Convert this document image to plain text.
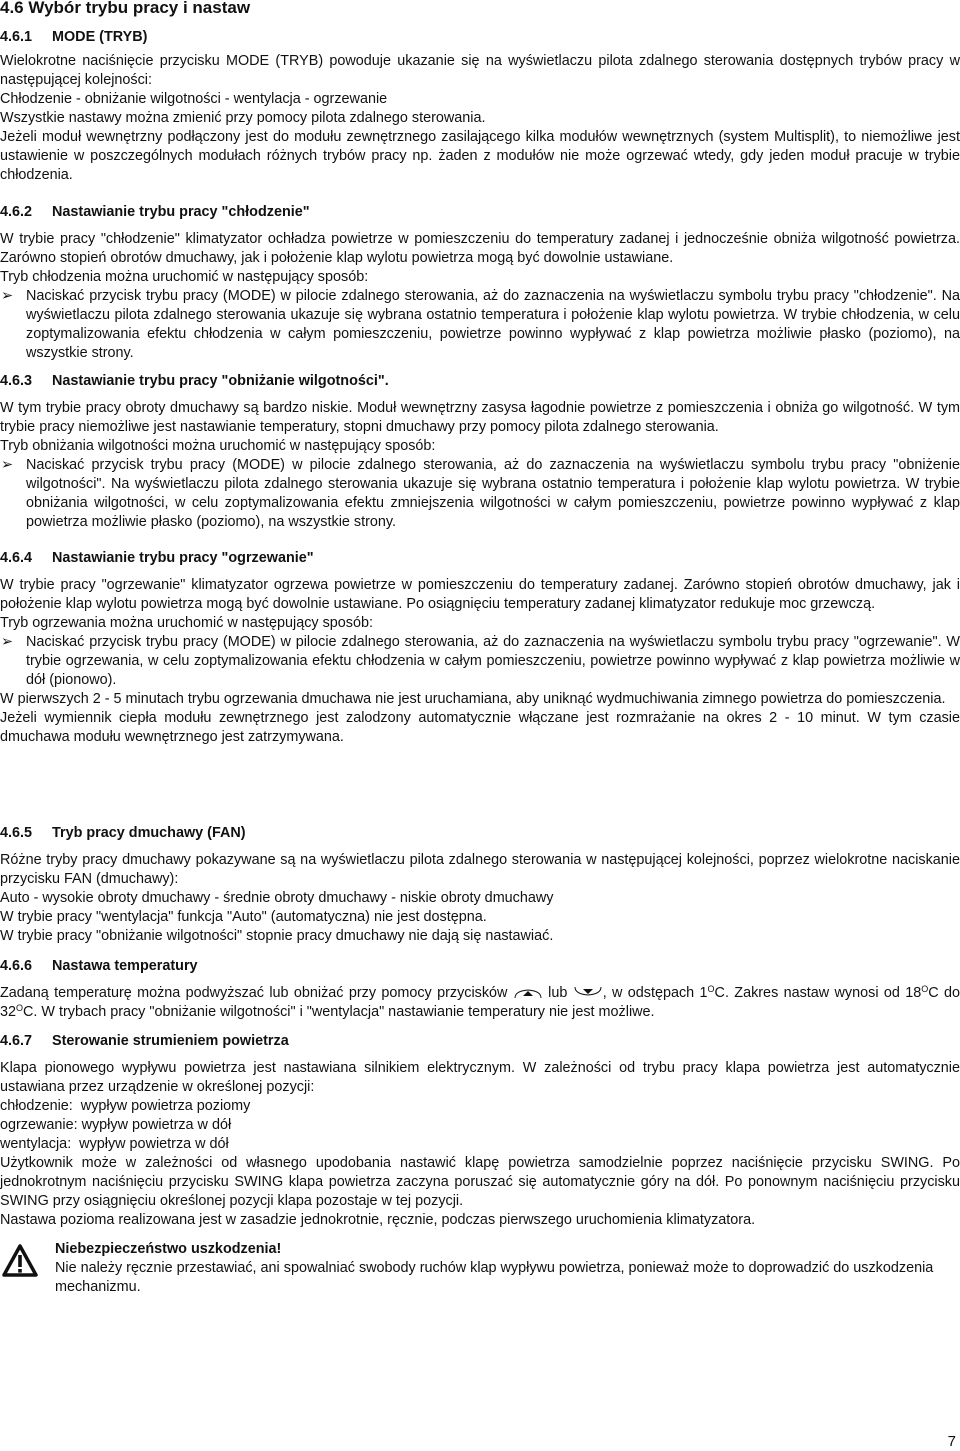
4.6 Wybór trybu pracy i nastaw
4.6.1 MODE (TRYB)

Wielokrotne naciśnięcie przycisku MODE (TRYB) powoduje ukazanie się na wyświetlaczu pilota zdalnego sterowania dostępnych trybów pracy w następującej kolejności:

Chłodzenie - obniżanie wilgotności - wentylacja - ogrzewanie

Wszystkie nastawy można zmienić przy pomocy pilota zdalnego sterowania.

Jeżeli moduł wewnętrzny podłączony jest do modułu zewnętrznego zasilającego kilka modułów wewnętrznych (system Multisplit), to niemożliwe jest ustawienie w poszczególnych modułach różnych trybów pracy np. żaden z modułów nie może ogrzewać wtedy, gdy jeden moduł pracuje w trybie chłodzenia.

4.6.2 Nastawianie trybu pracy "chłodzenie"

W trybie pracy "chłodzenie" klimatyzator ochładza powietrze w pomieszczeniu do temperatury zadanej i jednocześnie obniża wilgotność powietrza. Zarówno stopień obrotów dmuchawy, jak i położenie klap wylotu powietrza mogą być dowolnie ustawiane.

Tryb chłodzenia można uruchomić w następujący sposób:

➢ Naciskać przycisk trybu pracy (MODE) w pilocie zdalnego sterowania, aż do zaznaczenia na wyświetlaczu symbolu trybu pracy "chłodzenie". Na wyświetlaczu pilota zdalnego sterowania ukazuje się wybrana ostatnio temperatura i położenie klap wylotu powietrza. W trybie chłodzenia, w celu zoptymalizowania efektu chłodzenia w całym pomieszczeniu, powietrze powinno wypływać z klap powietrza możliwie płasko (poziomo), na wszystkie strony.
4.6.3 Nastawianie trybu pracy "obniżanie wilgotności".

W tym trybie pracy obroty dmuchawy są bardzo niskie. Moduł wewnętrzny zasysa łagodnie powietrze z pomieszczenia i obniża go wilgotność. W tym trybie pracy niemożliwe jest nastawianie temperatury, stopni dmuchawy przy pomocy pilota zdalnego sterowania.

Tryb obniżania wilgotności można uruchomić w następujący sposób:

➢ Naciskać przycisk trybu pracy (MODE) w pilocie zdalnego sterowania, aż do zaznaczenia na wyświetlaczu symbolu trybu pracy "obniżenie wilgotności". Na wyświetlaczu pilota zdalnego sterowania ukazuje się wybrana ostatnio temperatura i położenie klap wylotu powietrza. W trybie obniżania wilgotności, w celu zoptymalizowania efektu zmniejszenia wilgotności w całym pomieszczeniu, powietrze powinno wypływać z klap powietrza możliwie płasko (poziomo), na wszystkie strony.
4.6.4 Nastawianie trybu pracy "ogrzewanie"

W trybie pracy "ogrzewanie" klimatyzator ogrzewa powietrze w pomieszczeniu do temperatury zadanej. Zarówno stopień obrotów dmuchawy, jak i położenie klap wylotu powietrza mogą być dowolnie ustawiane. Po osiągnięciu temperatury zadanej klimatyzator redukuje moc grzewczą.

Tryb ogrzewania można uruchomić w następujący sposób:

➢ Naciskać przycisk trybu pracy (MODE) w pilocie zdalnego sterowania, aż do zaznaczenia na wyświetlaczu symbolu trybu pracy "ogrzewanie". W trybie ogrzewania, w celu zoptymalizowania efektu chłodzenia w całym pomieszczeniu, powietrze powinno wypływać z klap powietrza możliwie w dół (pionowo).

W pierwszych 2 - 5 minutach trybu ogrzewania dmuchawa nie jest uruchamiana, aby uniknąć wydmuchiwania zimnego powietrza do pomieszczenia.

Jeżeli wymiennik ciepła modułu zewnętrznego jest zalodzony automatycznie włączane jest rozmrażanie na okres 2 - 10 minut. W tym czasie dmuchawa modułu wewnętrznego jest zatrzymywana.

4.6.5 Tryb pracy dmuchawy (FAN)

Różne tryby pracy dmuchawy pokazywane są na wyświetlaczu pilota zdalnego sterowania w następującej kolejności, poprzez wielokrotne naciskanie przycisku FAN (dmuchawy):

Auto - wysokie obroty dmuchawy - średnie obroty dmuchawy - niskie obroty dmuchawy

W trybie pracy "wentylacja" funkcja "Auto" (automatyczna) nie jest dostępna.

W trybie pracy "obniżanie wilgotności" stopnie pracy dmuchawy nie dają się nastawiać.

4.6.6 Nastawa temperatury

Zadaną temperaturę można podwyższać lub obniżać przy pomocy przycisków	lub , w odstępach $1^OC$. Zakres nastaw wynosi od $18^OC$ do $32^OC$. W trybach pracy "obniżanie wilgotności" i "wentylacja" nastawianie temperatury nie jest możliwe.

4.6.7 Sterowanie strumieniem powietrza

Klapa pionowego wypływu powietrza jest nastawiana silnikiem elektrycznym. W zależności od trybu pracy klapa powietrza jest automatycznie ustawiana przez urządzenie w określonej pozycji:

chłodzenie:  wypływ powietrza poziomy

ogrzewanie: wypływ powietrza w dół

wentylacja:  wypływ powietrza w dół

Użytkownik może w zależności od własnego upodobania nastawić klapę powietrza samodzielnie poprzez naciśnięcie przycisku SWING. Po jednokrotnym naciśnięciu przycisku SWING klapa powietrza zaczyna poruszać się automatycznie góry na dół. Po ponownym naciśnięciu przycisku SWING przy osiągnięciu określonej pozycji klapa pozostaje w tej pozycji.

Nastawa pozioma realizowana jest w zasadzie jednokrotnie, ręcznie, podczas pierwszego uruchomienia klimatyzatora.

Niebezpieczeństwo uszkodzenia!
Nie należy ręcznie przestawiać, ani spowalniać swobody ruchów klap wypływu powietrza, ponieważ może to doprowadzić do uszkodzenia mechanizmu.
7
